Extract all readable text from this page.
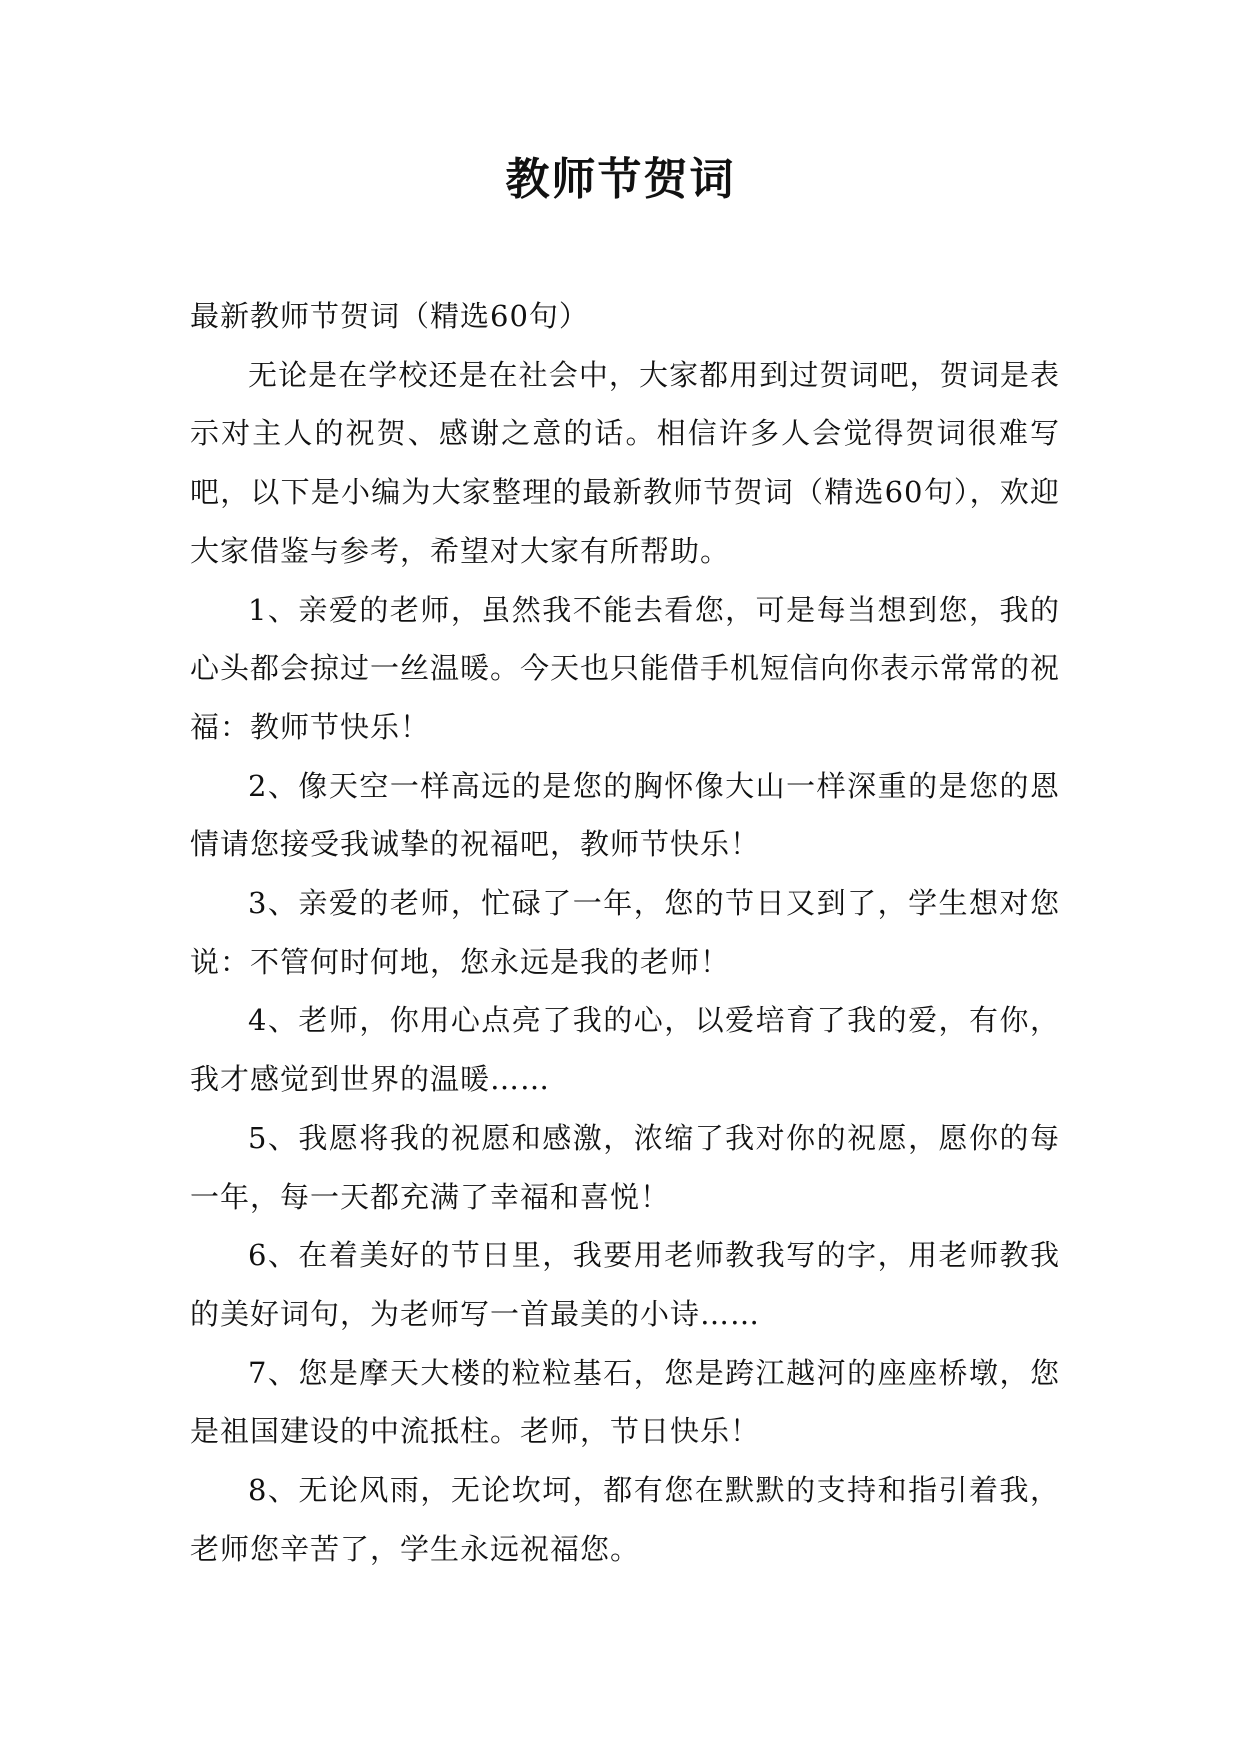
教师节贺词

最新教师节贺词（精选60句）

无论是在学校还是在社会中，大家都用到过贺词吧，贺词是表示对主人的祝贺、感谢之意的话。相信许多人会觉得贺词很难写吧，以下是小编为大家整理的最新教师节贺词（精选60句），欢迎大家借鉴与参考，希望对大家有所帮助。

1、亲爱的老师，虽然我不能去看您，可是每当想到您，我的心头都会掠过一丝温暖。今天也只能借手机短信向你表示常常的祝福：教师节快乐！

2、像天空一样高远的是您的胸怀像大山一样深重的是您的恩情请您接受我诚挚的祝福吧，教师节快乐！

3、亲爱的老师，忙碌了一年，您的节日又到了，学生想对您说：不管何时何地，您永远是我的老师！

4、老师，你用心点亮了我的心，以爱培育了我的爱，有你，我才感觉到世界的温暖……

5、我愿将我的祝愿和感激，浓缩了我对你的祝愿，愿你的每一年，每一天都充满了幸福和喜悦！

6、在着美好的节日里，我要用老师教我写的字，用老师教我的美好词句，为老师写一首最美的小诗……

7、您是摩天大楼的粒粒基石，您是跨江越河的座座桥墩，您是祖国建设的中流抵柱。老师，节日快乐！

8、无论风雨，无论坎坷，都有您在默默的支持和指引着我，老师您辛苦了，学生永远祝福您。
